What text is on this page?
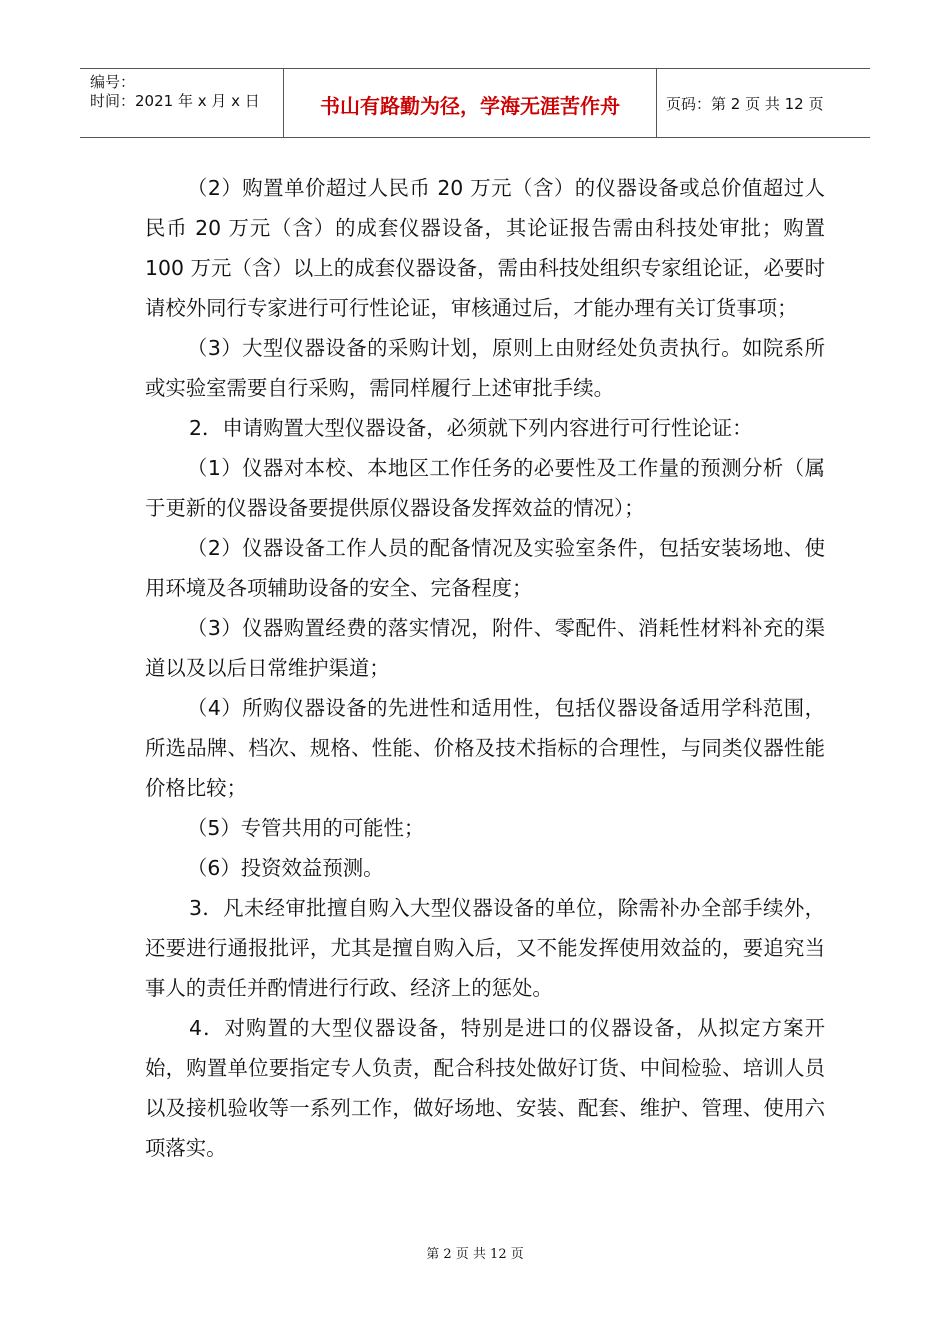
编号：
时间：2021 年 x 月 x 日	书山有路勤为径，学海无涯苦作舟	页码：第 2 页 共 12 页

（2）购置单价超过人民币 20 万元（含）的仪器设备或总价值超过人民币 20 万元（含）的成套仪器设备，其论证报告需由科技处审批；购置 100 万元（含）以上的成套仪器设备，需由科技处组织专家组论证，必要时请校外同行专家进行可行性论证，审核通过后，才能办理有关订货事项；

（3）大型仪器设备的采购计划，原则上由财经处负责执行。如院系所或实验室需要自行采购，需同样履行上述审批手续。

2．申请购置大型仪器设备，必须就下列内容进行可行性论证：

（1）仪器对本校、本地区工作任务的必要性及工作量的预测分析（属于更新的仪器设备要提供原仪器设备发挥效益的情况）；

（2）仪器设备工作人员的配备情况及实验室条件，包括安装场地、使用环境及各项辅助设备的安全、完备程度；

（3）仪器购置经费的落实情况，附件、零配件、消耗性材料补充的渠道以及以后日常维护渠道；

（4）所购仪器设备的先进性和适用性，包括仪器设备适用学科范围，所选品牌、档次、规格、性能、价格及技术指标的合理性，与同类仪器性能价格比较；

（5）专管共用的可能性；

（6）投资效益预测。

3．凡未经审批擅自购入大型仪器设备的单位，除需补办全部手续外，还要进行通报批评，尤其是擅自购入后，又不能发挥使用效益的，要追究当事人的责任并酌情进行行政、经济上的惩处。

4．对购置的大型仪器设备，特别是进口的仪器设备，从拟定方案开始，购置单位要指定专人负责，配合科技处做好订货、中间检验、培训人员以及接机验收等一系列工作，做好场地、安装、配套、维护、管理、使用六项落实。

第 2 页 共 12 页
